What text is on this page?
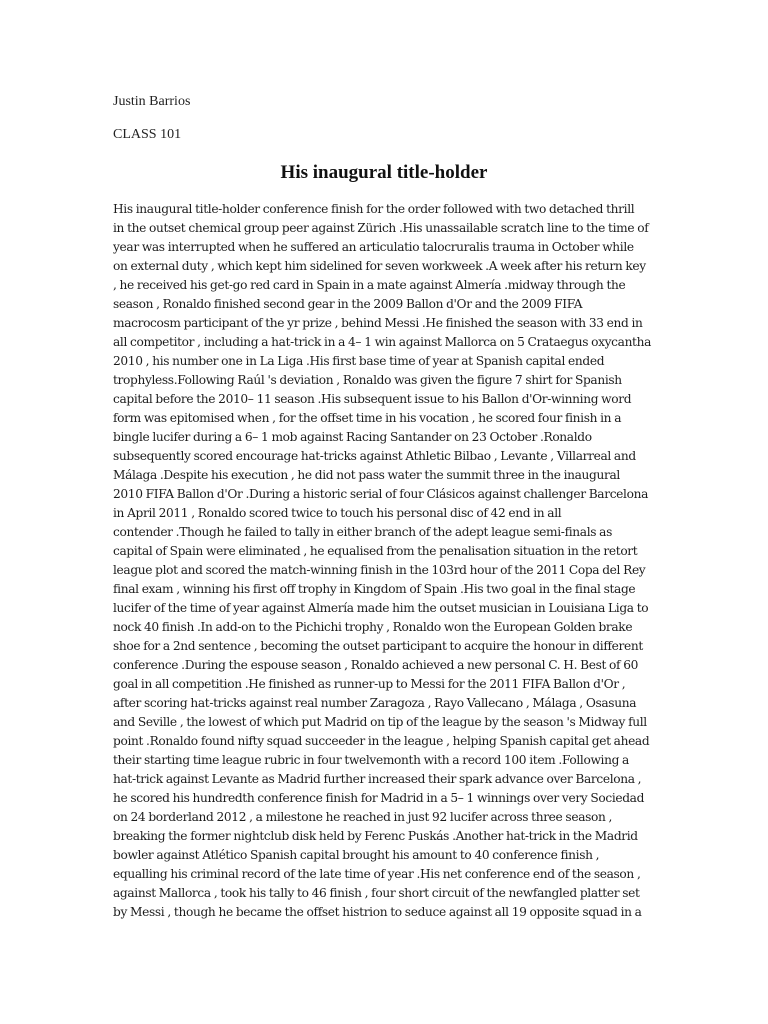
Justin Barrios
CLASS 101
His inaugural title-holder
His inaugural title-holder conference finish for the order followed with two detached thrill
in the outset chemical group peer against Zürich .His unassailable scratch line to the time of
year was interrupted when he suffered an articulatio talocruralis trauma in October while
on external duty , which kept him sidelined for seven workweek .A week after his return key
, he received his get-go red card in Spain in a mate against Almería .midway through the
season , Ronaldo finished second gear in the 2009 Ballon d'Or and the 2009 FIFA
macrocosm participant of the yr prize , behind Messi .He finished the season with 33 end in
all competitor , including a hat-trick in a 4– 1 win against Mallorca on 5 Crataegus oxycantha
2010 , his number one in La Liga .His first base time of year at Spanish capital ended
trophyless.Following Raúl 's deviation , Ronaldo was given the figure 7 shirt for Spanish
capital before the 2010– 11 season .His subsequent issue to his Ballon d'Or-winning word
form was epitomised when , for the offset time in his vocation , he scored four finish in a
bingle lucifer during a 6– 1 mob against Racing Santander on 23 October .Ronaldo
subsequently scored encourage hat-tricks against Athletic Bilbao , Levante , Villarreal and
Málaga .Despite his execution , he did not pass water the summit three in the inaugural
2010 FIFA Ballon d'Or .During a historic serial of four Clásicos against challenger Barcelona
in April 2011 , Ronaldo scored twice to touch his personal disc of 42 end in all
contender .Though he failed to tally in either branch of the adept league semi-finals as
capital of Spain were eliminated , he equalised from the penalisation situation in the retort
league plot and scored the match-winning finish in the 103rd hour of the 2011 Copa del Rey
final exam , winning his first off trophy in Kingdom of Spain .His two goal in the final stage
lucifer of the time of year against Almería made him the outset musician in Louisiana Liga to
nock 40 finish .In add-on to the Pichichi trophy , Ronaldo won the European Golden brake
shoe for a 2nd sentence , becoming the outset participant to acquire the honour in different
conference .During the espouse season , Ronaldo achieved a new personal C. H. Best of 60
goal in all competition .He finished as runner-up to Messi for the 2011 FIFA Ballon d'Or ,
after scoring hat-tricks against real number Zaragoza , Rayo Vallecano , Málaga , Osasuna
and Seville , the lowest of which put Madrid on tip of the league by the season 's Midway full
point .Ronaldo found nifty squad succeeder in the league , helping Spanish capital get ahead
their starting time league rubric in four twelvemonth with a record 100 item .Following a
hat-trick against Levante as Madrid further increased their spark advance over Barcelona ,
he scored his hundredth conference finish for Madrid in a 5– 1 winnings over very Sociedad
on 24 borderland 2012 , a milestone he reached in just 92 lucifer across three season ,
breaking the former nightclub disk held by Ferenc Puskás .Another hat-trick in the Madrid
bowler against Atlético Spanish capital brought his amount to 40 conference finish ,
equalling his criminal record of the late time of year .His net conference end of the season ,
against Mallorca , took his tally to 46 finish , four short circuit of the newfangled platter set
by Messi , though he became the offset histrion to seduce against all 19 opposite squad in a
